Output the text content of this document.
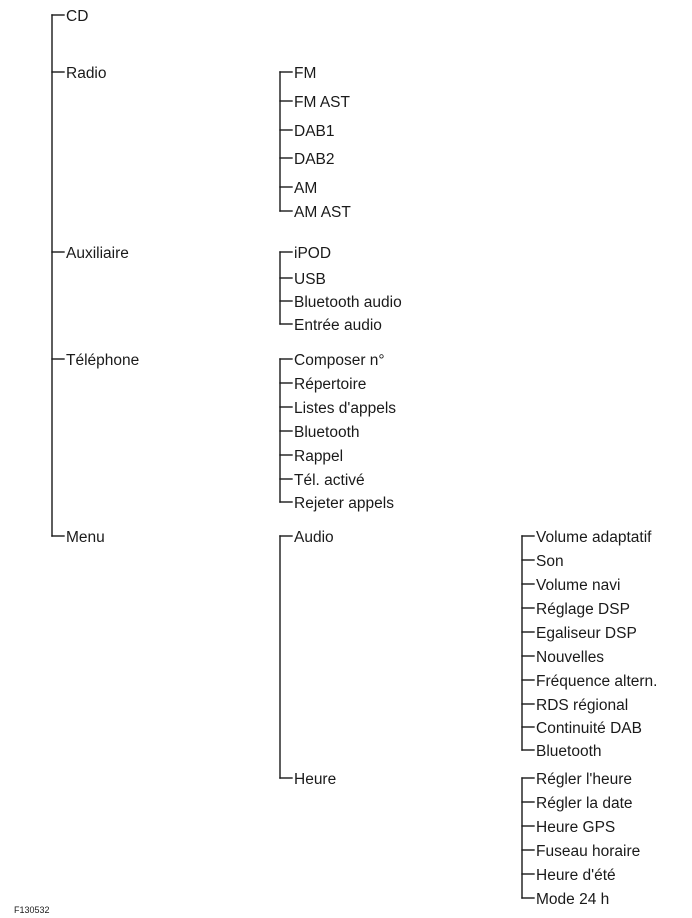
CD
Radio
Auxiliaire
Téléphone
Menu
FM
FM AST
DAB1
DAB2
AM
AM AST
iPOD
USB
Bluetooth audio
Entrée audio
Composer n°
Répertoire
Listes d'appels
Bluetooth
Rappel
Tél. activé
Rejeter appels
Audio
Heure
Volume adaptatif
Son
Volume navi
Réglage DSP
Egaliseur DSP
Nouvelles
Fréquence altern.
RDS régional
Continuité DAB
Bluetooth
Régler l'heure
Régler la date
Heure GPS
Fuseau horaire
Heure d'été
Mode 24 h
F130532
